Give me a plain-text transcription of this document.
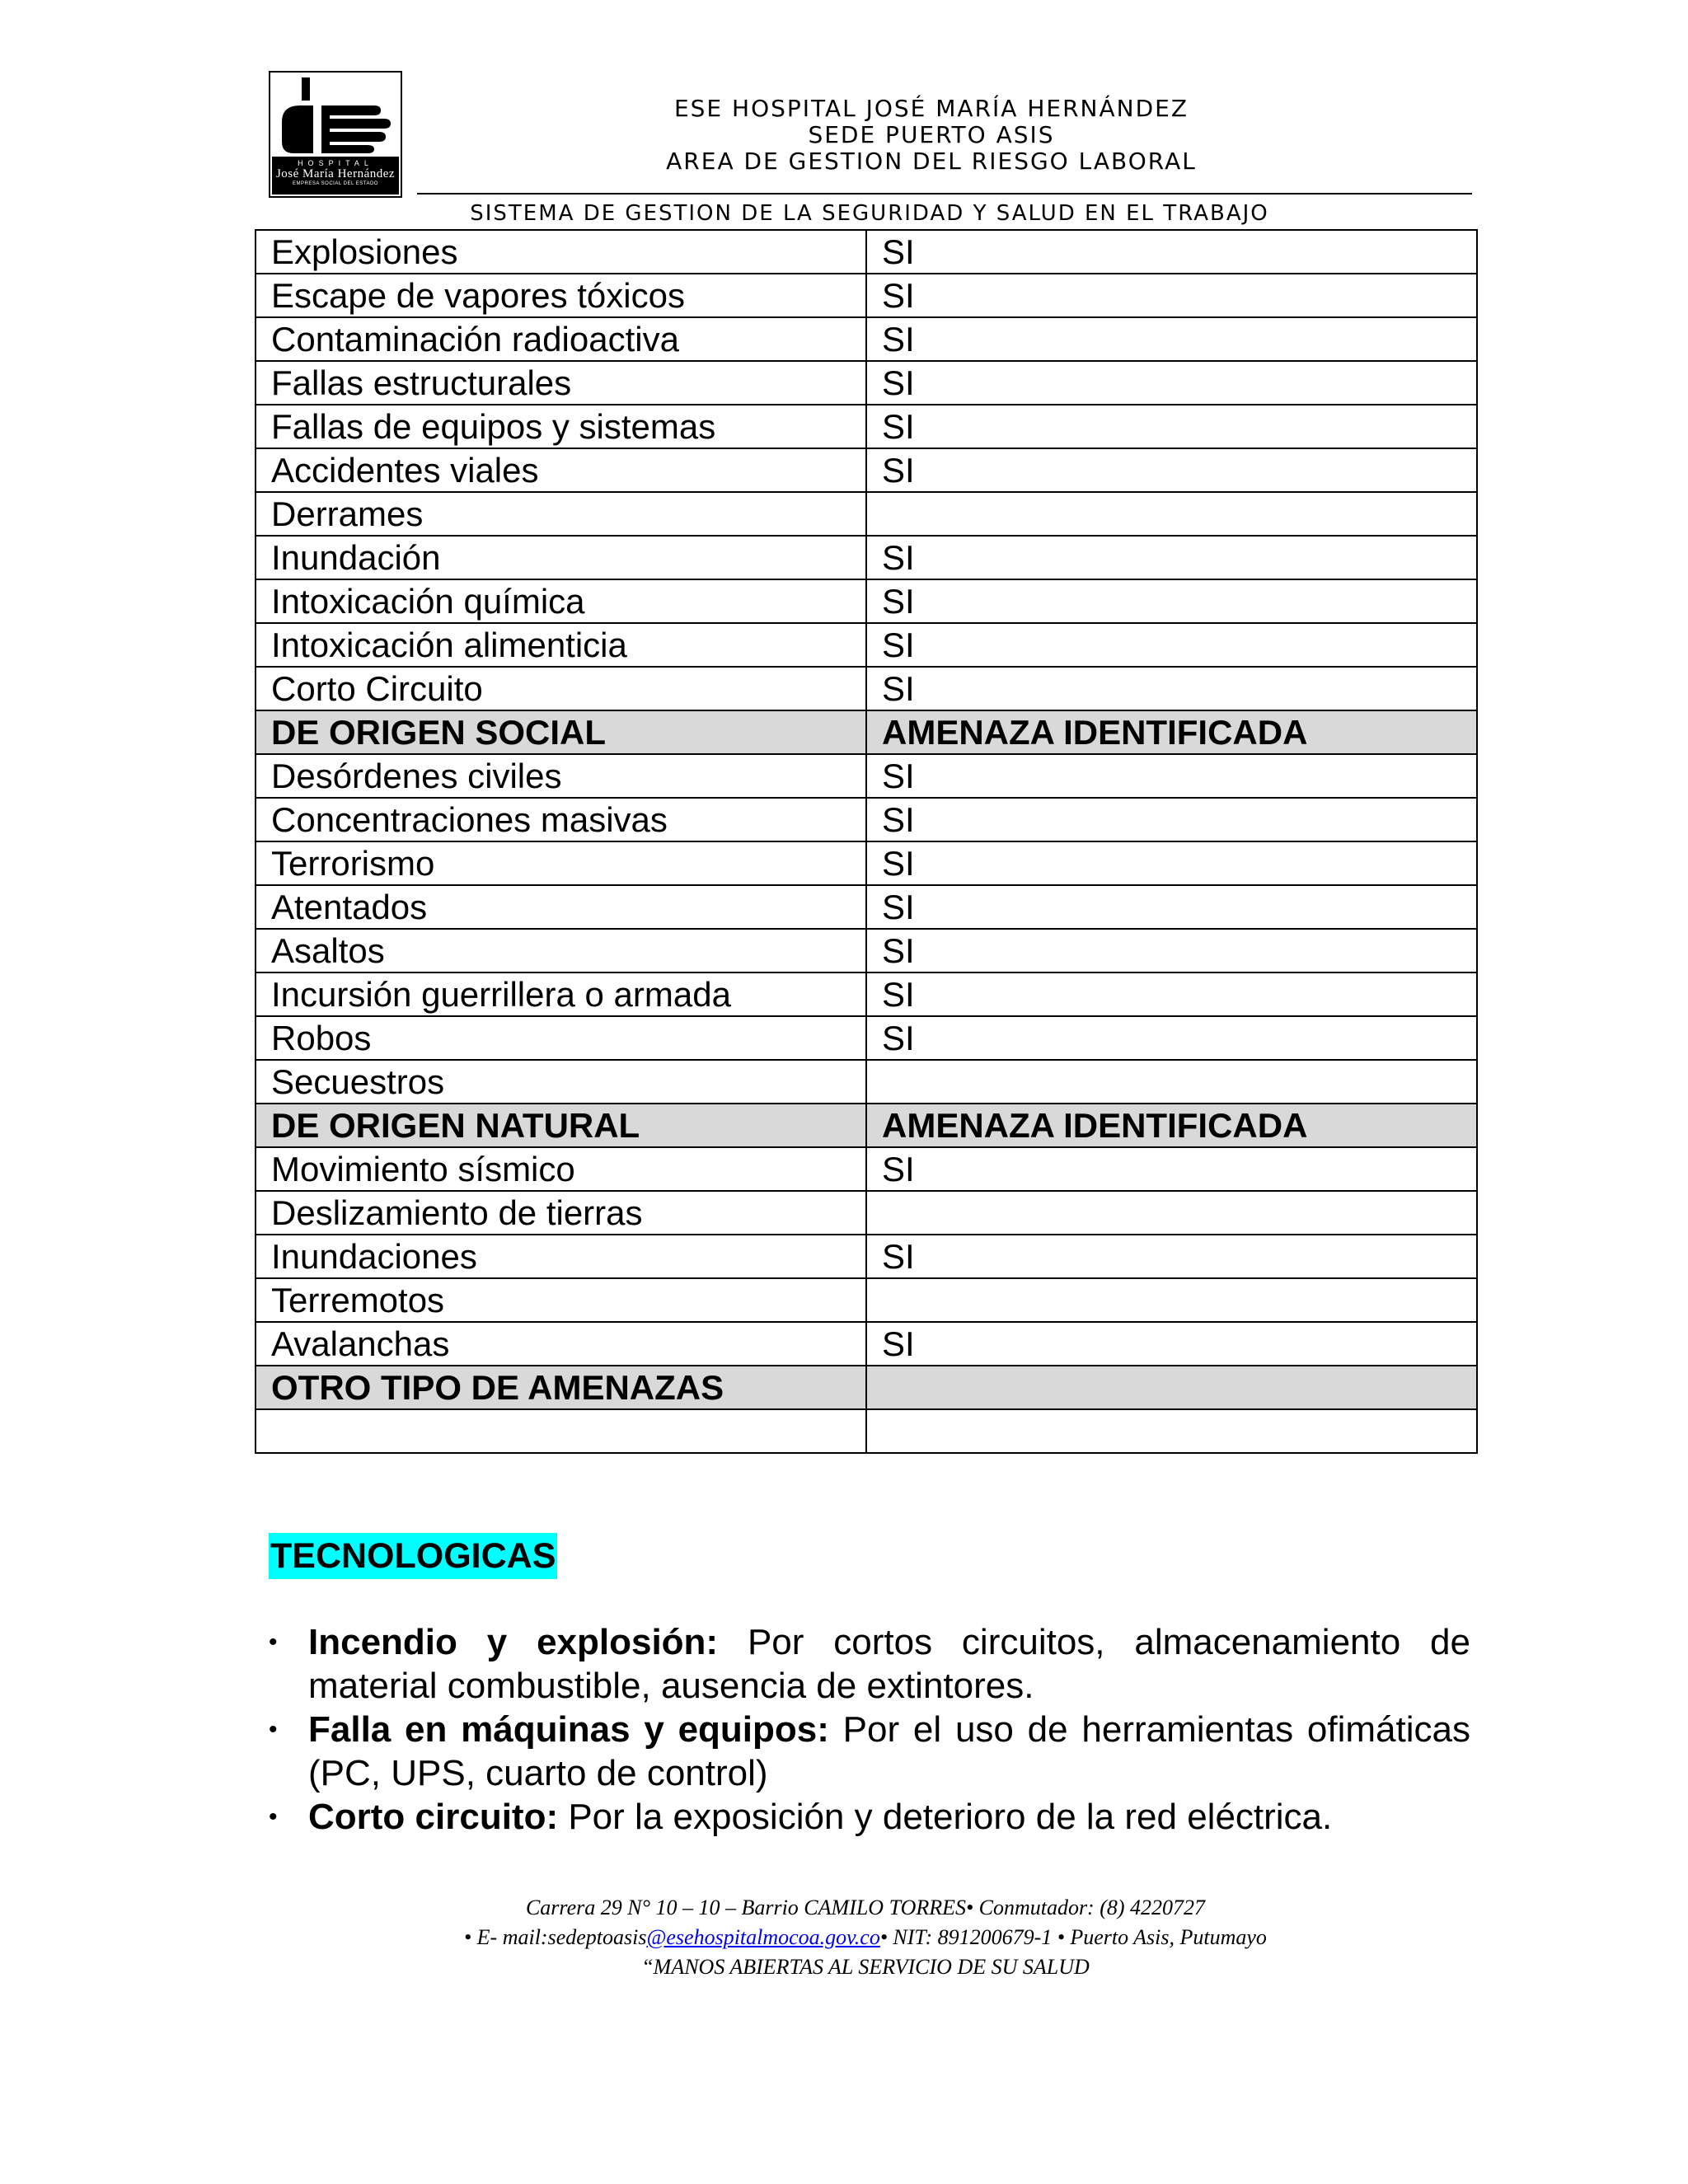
HOSPITAL
José María Hernández
EMPRESA SOCIAL DEL ESTADO
ESE HOSPITAL JOSÉ MARÍA HERNÁNDEZ
SEDE PUERTO ASIS
AREA DE GESTION DEL RIESGO LABORAL
SISTEMA DE GESTION DE LA SEGURIDAD Y SALUD EN EL TRABAJO
Explosiones	SI
Escape de vapores tóxicos	SI
Contaminación radioactiva	SI
Fallas estructurales	SI
Fallas de equipos y sistemas	SI
Accidentes viales	SI
Derrames	
Inundación	SI
Intoxicación química	SI
Intoxicación alimenticia	SI
Corto Circuito	SI
DE ORIGEN SOCIAL	AMENAZA IDENTIFICADA
Desórdenes civiles	SI
Concentraciones masivas	SI
Terrorismo	SI
Atentados	SI
Asaltos	SI
Incursión guerrillera o armada	SI
Robos	SI
Secuestros	
DE ORIGEN NATURAL	AMENAZA IDENTIFICADA
Movimiento sísmico	SI
Deslizamiento de tierras	
Inundaciones	SI
Terremotos	
Avalanchas	SI
OTRO TIPO DE AMENAZAS	

TECNOLOGICAS
• Incendio y explosión: Por cortos circuitos, almacenamiento de material combustible, ausencia de extintores.
• Falla en máquinas y equipos: Por el uso de herramientas ofimáticas (PC, UPS, cuarto de control)
• Corto circuito: Por la exposición y deterioro de la red eléctrica.
Carrera 29 N° 10 – 10 – Barrio CAMILO TORRES• Conmutador: (8) 4220727
• E- mail:sedeptoasis@esehospitalmocoa.gov.co• NIT: 891200679-1 • Puerto Asis, Putumayo
“MANOS ABIERTAS AL SERVICIO DE SU SALUD
